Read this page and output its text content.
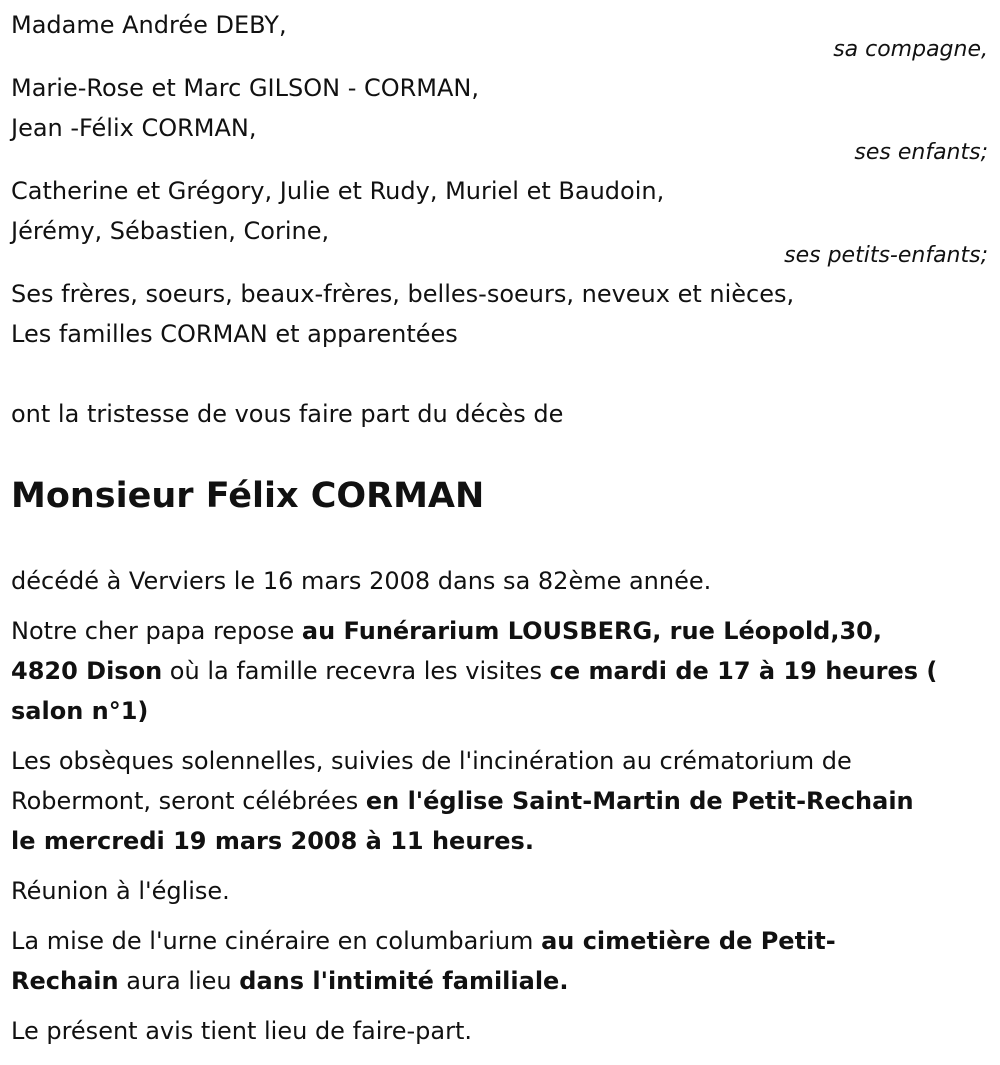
Madame Andrée DEBY,

sa compagne,

Marie-Rose et Marc GILSON - CORMAN,

Jean -Félix CORMAN,

ses enfants;

Catherine et Grégory, Julie et Rudy, Muriel et Baudoin,

Jérémy, Sébastien, Corine,

ses petits-enfants;

Ses frères, soeurs, beaux-frères, belles-soeurs, neveux et nièces,

Les familles CORMAN et apparentées

ont la tristesse de vous faire part du décès de

Monsieur Félix CORMAN

décédé à Verviers le 16 mars 2008 dans sa 82ème année.

Notre cher papa repose au Funérarium LOUSBERG, rue Léopold,30,

4820 Dison où la famille recevra les visites ce mardi de 17 à 19 heures (

salon n°1)

Les obsèques solennelles, suivies de l'incinération au crématorium de

Robermont, seront célébrées en l'église Saint-Martin de Petit-Rechain

le mercredi 19 mars 2008 à 11 heures.

Réunion à l'église.

La mise de l'urne cinéraire en columbarium au cimetière de Petit-

Rechain aura lieu dans l'intimité familiale.

Le présent avis tient lieu de faire-part.
